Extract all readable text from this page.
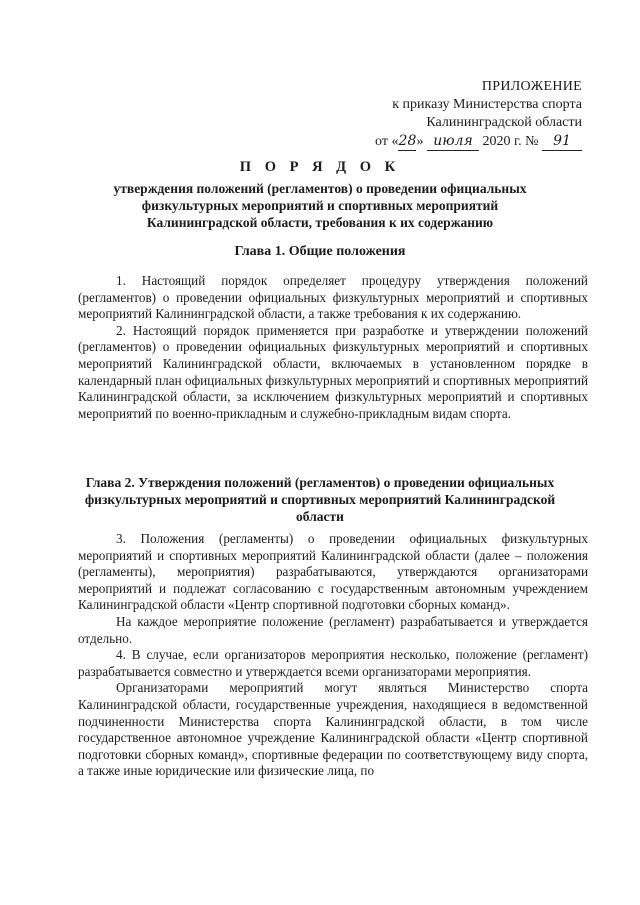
ПРИЛОЖЕНИЕ
к приказу Министерства спорта
Калининградской области
от «28» июля 2020 г. № 91
П О Р Я Д О К
утверждения положений (регламентов) о проведении официальных физкультурных мероприятий и спортивных мероприятий Калининградской области, требования к их содержанию
Глава 1. Общие положения

1. Настоящий порядок определяет процедуру утверждения положений (регламентов) о проведении официальных физкультурных мероприятий и спортивных мероприятий Калининградской области, а также требования к их содержанию.

2. Настоящий порядок применяется при разработке и утверждении положений (регламентов) о проведении официальных физкультурных мероприятий и спортивных мероприятий Калининградской области, включаемых в установленном порядке в календарный план официальных физкультурных мероприятий и спортивных мероприятий Калининградской области, за исключением физкультурных мероприятий и спортивных мероприятий по военно-прикладным и служебно-прикладным видам спорта.

Глава 2. Утверждения положений (регламентов) о проведении официальных физкультурных мероприятий и спортивных мероприятий Калининградской области

3. Положения (регламенты) о проведении официальных физкультурных мероприятий и спортивных мероприятий Калининградской области (далее – положения (регламенты), мероприятия) разрабатываются, утверждаются организаторами мероприятий и подлежат согласованию с государственным автономным учреждением Калининградской области «Центр спортивной подготовки сборных команд».

На каждое мероприятие положение (регламент) разрабатывается и утверждается отдельно.

4. В случае, если организаторов мероприятия несколько, положение (регламент) разрабатывается совместно и утверждается всеми организаторами мероприятия.

Организаторами мероприятий могут являться Министерство спорта Калининградской области, государственные учреждения, находящиеся в ведомственной подчиненности Министерства спорта Калининградской области, в том числе государственное автономное учреждение Калининградской области «Центр спортивной подготовки сборных команд», спортивные федерации по соответствующему виду спорта, а также иные юридические или физические лица, по
